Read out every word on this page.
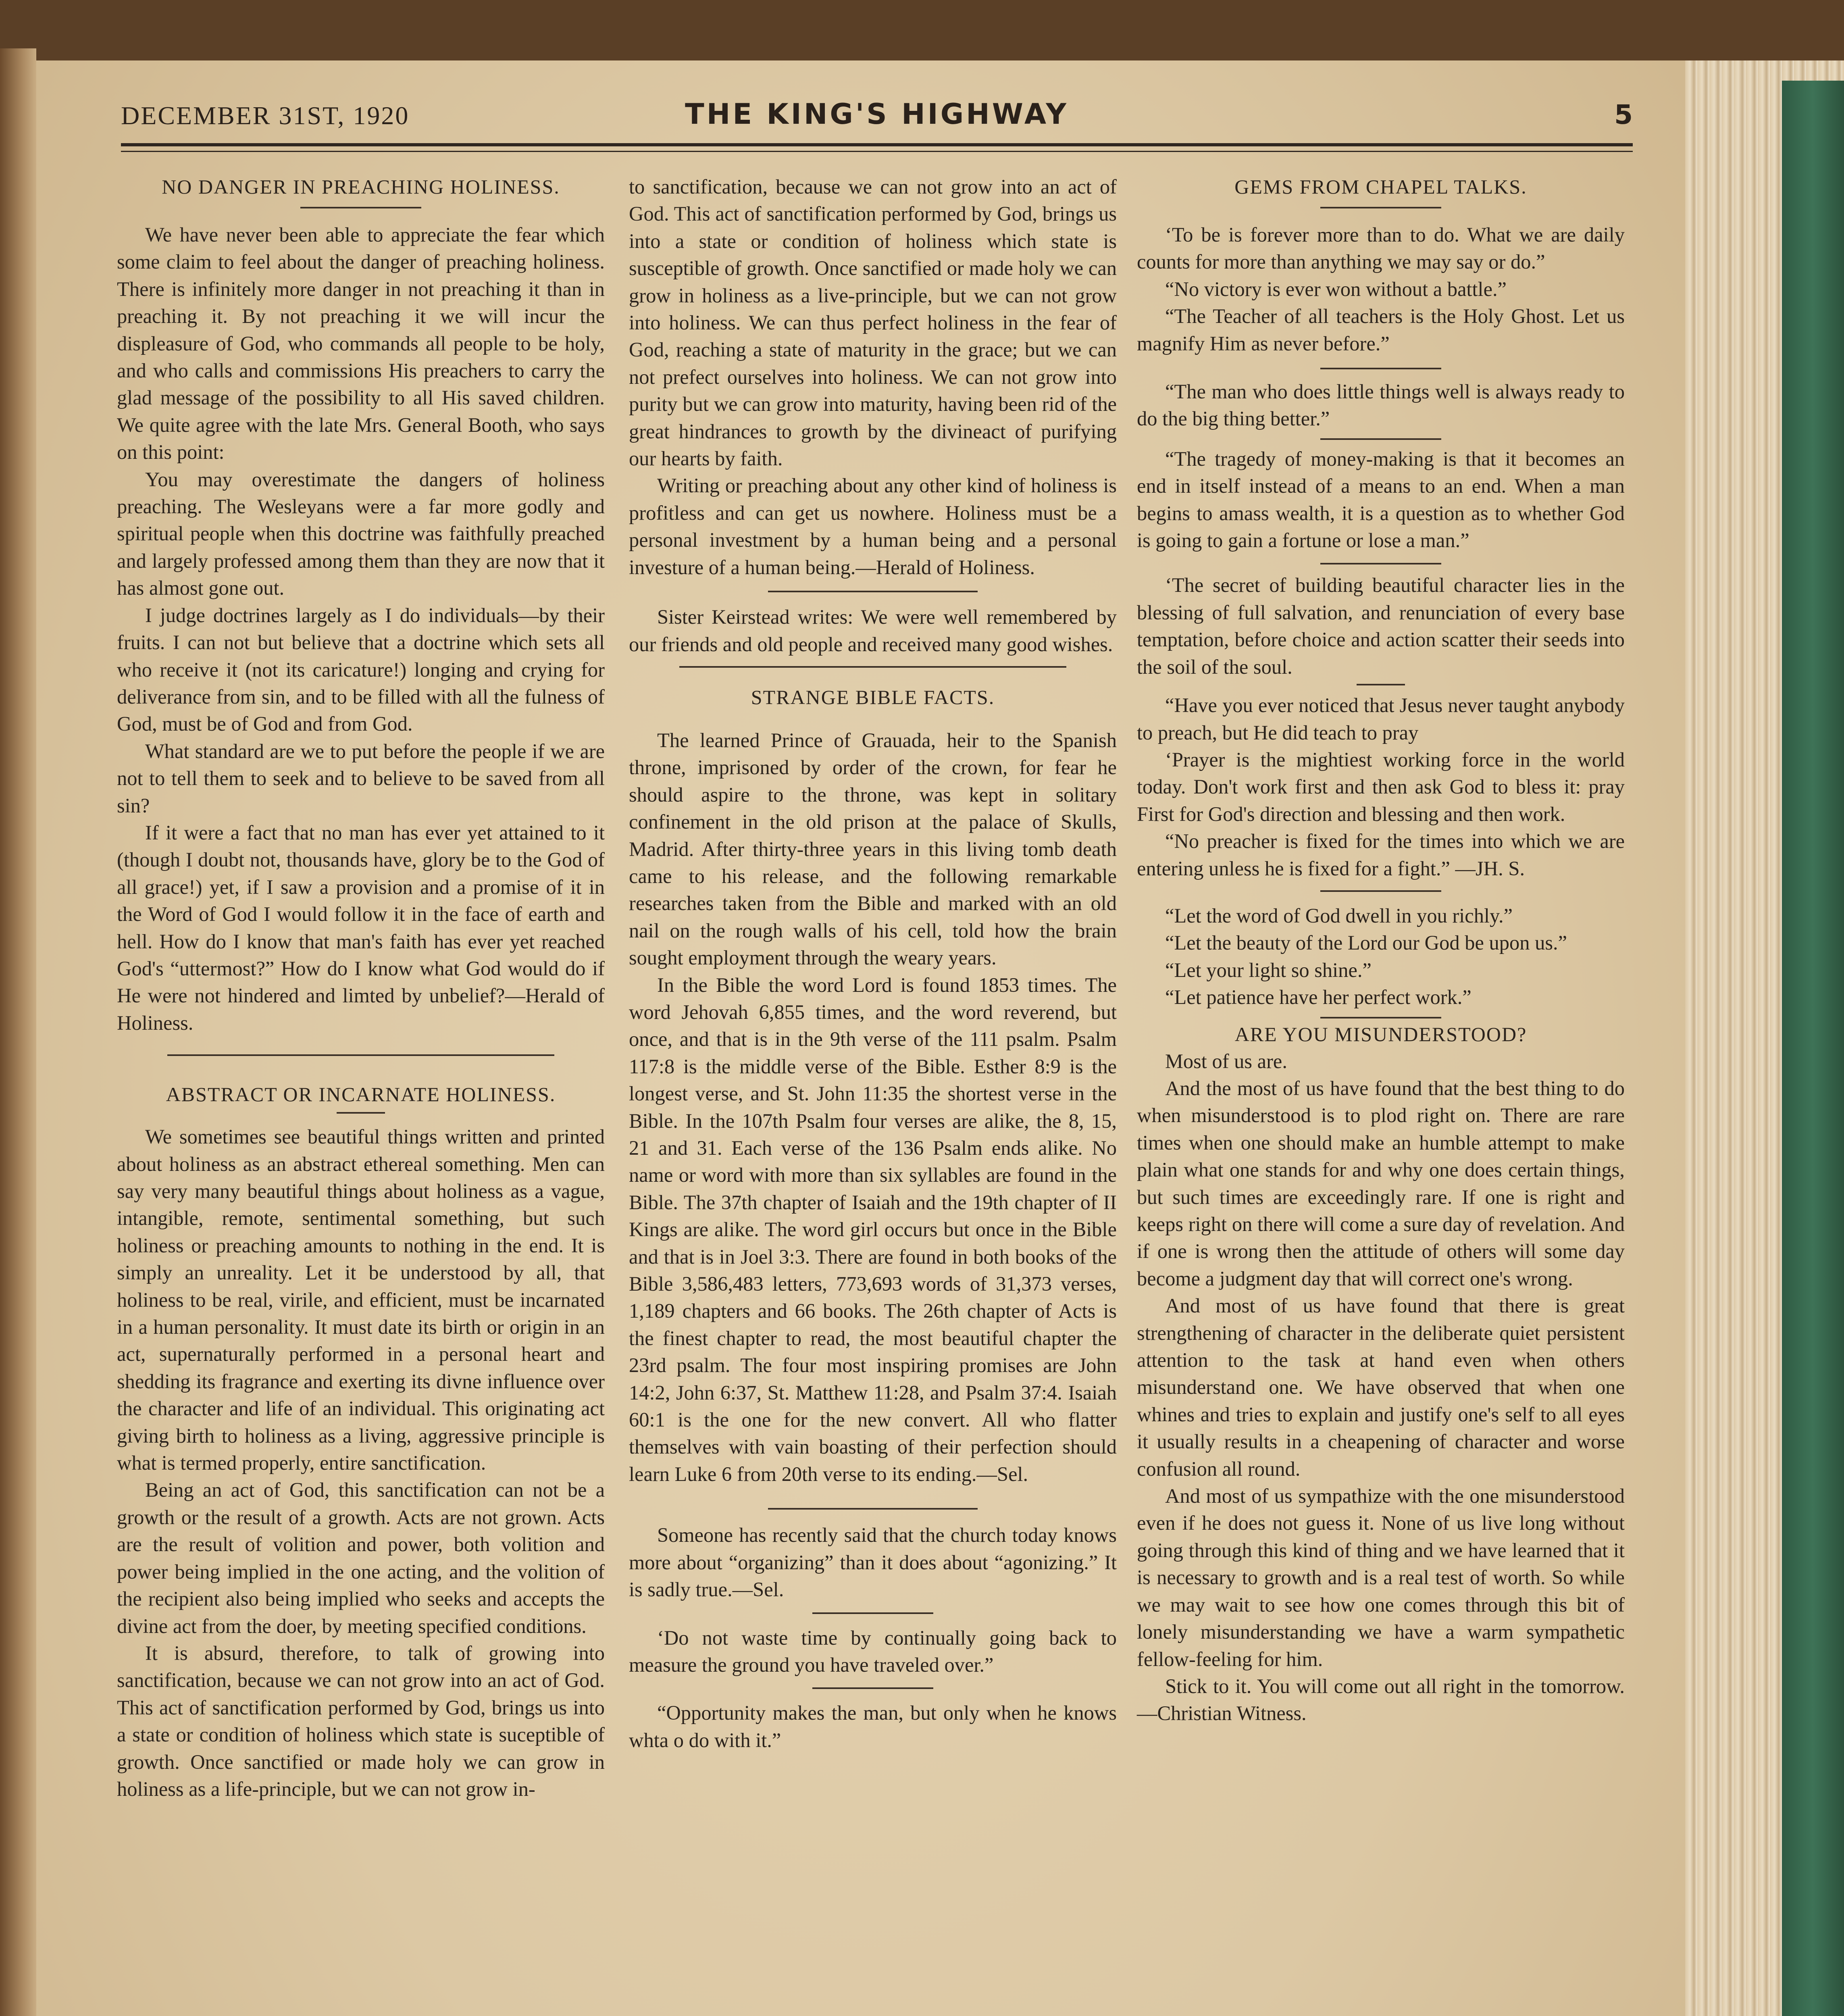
DECEMBER 31ST, 1920	THE KING'S HIGHWAY	5
NO DANGER IN PREACHING HOLINESS.

We have never been able to appreciate the fear which some claim to feel about the danger of preaching holiness. There is infinitely more danger in not preaching it than in preaching it. By not preaching it we will incur the displeasure of God, who commands all people to be holy, and who calls and commissions His preachers to carry the glad message of the possibility to all His saved children. We quite agree with the late Mrs. General Booth, who says on this point:

You may overestimate the dangers of holiness preaching. The Wesleyans were a far more godly and spiritual people when this doctrine was faithfully preached and largely professed among them than they are now that it has almost gone out.

I judge doctrines largely as I do individuals—by their fruits. I can not but believe that a doctrine which sets all who receive it (not its caricature!) longing and crying for deliverance from sin, and to be filled with all the fulness of God, must be of God and from God.

What standard are we to put before the people if we are not to tell them to seek and to believe to be saved from all sin?

If it were a fact that no man has ever yet attained to it (though I doubt not, thousands have, glory be to the God of all grace!) yet, if I saw a provision and a promise of it in the Word of God I would follow it in the face of earth and hell. How do I know that man's faith has ever yet reached God's “uttermost?” How do I know what God would do if He were not hindered and limted by unbelief?—Herald of Holiness.

ABSTRACT OR INCARNATE HOLINESS.

We sometimes see beautiful things written and printed about holiness as an abstract ethereal something. Men can say very many beautiful things about holiness as a vague, intangible, remote, sentimental something, but such holiness or preaching amounts to nothing in the end. It is simply an unreality. Let it be understood by all, that holiness to be real, virile, and efficient, must be incarnated in a human personality. It must date its birth or origin in an act, supernaturally performed in a personal heart and shedding its fragrance and exerting its divne influence over the character and life of an individual. This originating act giving birth to holiness as a living, aggressive principle is what is termed properly, entire sanctification.

Being an act of God, this sanctification can not be a growth or the result of a growth. Acts are not grown. Acts are the result of volition and power, both volition and power being implied in the one acting, and the volition of the recipient also being implied who seeks and accepts the divine act from the doer, by meeting specified conditions.

It is absurd, therefore, to talk of growing into sanctification, because we can not grow into an act of God. This act of sanctification performed by God, brings us into a state or condition of holiness which state is suceptible of growth. Once sanctified or made holy we can grow in holiness as a life-principle, but we can not grow in-

to sanctification, because we can not grow into an act of God. This act of sanctification performed by God, brings us into a state or condition of holiness which state is susceptible of growth. Once sanctified or made holy we can grow in holiness as a live-principle, but we can not grow into holiness. We can thus perfect holiness in the fear of God, reaching a state of maturity in the grace; but we can not prefect ourselves into holiness. We can not grow into purity but we can grow into maturity, having been rid of the great hindrances to growth by the divineact of purifying our hearts by faith.

Writing or preaching about any other kind of holiness is profitless and can get us nowhere. Holiness must be a personal investment by a human being and a personal investure of a human being.—Herald of Holiness.

Sister Keirstead writes: We were well remembered by our friends and old people and received many good wishes.

STRANGE BIBLE FACTS.

The learned Prince of Grauada, heir to the Spanish throne, imprisoned by order of the crown, for fear he should aspire to the throne, was kept in solitary confinement in the old prison at the palace of Skulls, Madrid. After thirty-three years in this living tomb death came to his release, and the following remarkable researches taken from the Bible and marked with an old nail on the rough walls of his cell, told how the brain sought employment through the weary years.

In the Bible the word Lord is found 1853 times. The word Jehovah 6,855 times, and the word reverend, but once, and that is in the 9th verse of the 111 psalm. Psalm 117:8 is the middle verse of the Bible. Esther 8:9 is the longest verse, and St. John 11:35 the shortest verse in the Bible. In the 107th Psalm four verses are alike, the 8, 15, 21 and 31. Each verse of the 136 Psalm ends alike. No name or word with more than six syllables are found in the Bible. The 37th chapter of Isaiah and the 19th chapter of II Kings are alike. The word girl occurs but once in the Bible and that is in Joel 3:3. There are found in both books of the Bible 3,586,483 letters, 773,693 words of 31,373 verses, 1,189 chapters and 66 books. The 26th chapter of Acts is the finest chapter to read, the most beautiful chapter the 23rd psalm. The four most inspiring promises are John 14:2, John 6:37, St. Matthew 11:28, and Psalm 37:4. Isaiah 60:1 is the one for the new convert. All who flatter themselves with vain boasting of their perfection should learn Luke 6 from 20th verse to its ending.—Sel.

Someone has recently said that the church today knows more about “organizing” than it does about “agonizing.” It is sadly true.—Sel.

‘Do not waste time by continually going back to measure the ground you have traveled over.”

“Opportunity makes the man, but only when he knows whta o do with it.”

GEMS FROM CHAPEL TALKS.

‘To be is forever more than to do. What we are daily counts for more than anything we may say or do.”

“No victory is ever won without a battle.”

“The Teacher of all teachers is the Holy Ghost. Let us magnify Him as never before.”

“The man who does little things well is always ready to do the big thing better.”

“The tragedy of money-making is that it becomes an end in itself instead of a means to an end. When a man begins to amass wealth, it is a question as to whether God is going to gain a fortune or lose a man.”

‘The secret of building beautiful character lies in the blessing of full salvation, and renunciation of every base temptation, before choice and action scatter their seeds into the soil of the soul.

“Have you ever noticed that Jesus never taught anybody to preach, but He did teach to pray

‘Prayer is the mightiest working force in the world today. Don't work first and then ask God to bless it: pray First for God's direction and blessing and then work.

“No preacher is fixed for the times into which we are entering unless he is fixed for a fight.” —JH. S.

“Let the word of God dwell in you richly.”

“Let the beauty of the Lord our God be upon us.”

“Let your light so shine.”

“Let patience have her perfect work.”

ARE YOU MISUNDERSTOOD?

Most of us are.

And the most of us have found that the best thing to do when misunderstood is to plod right on. There are rare times when one should make an humble attempt to make plain what one stands for and why one does certain things, but such times are exceedingly rare. If one is right and keeps right on there will come a sure day of revelation. And if one is wrong then the attitude of others will some day become a judgment day that will correct one's wrong.

And most of us have found that there is great strengthening of character in the deliberate quiet persistent attention to the task at hand even when others misunderstand one. We have observed that when one whines and tries to explain and justify one's self to all eyes it usually results in a cheapening of character and worse confusion all round.

And most of us sympathize with the one misunderstood even if he does not guess it. None of us live long without going through this kind of thing and we have learned that it is necessary to growth and is a real test of worth. So while we may wait to see how one comes through this bit of lonely misunderstanding we have a warm sympathetic fellow-feeling for him.

Stick to it. You will come out all right in the tomorrow.—Christian Witness.
